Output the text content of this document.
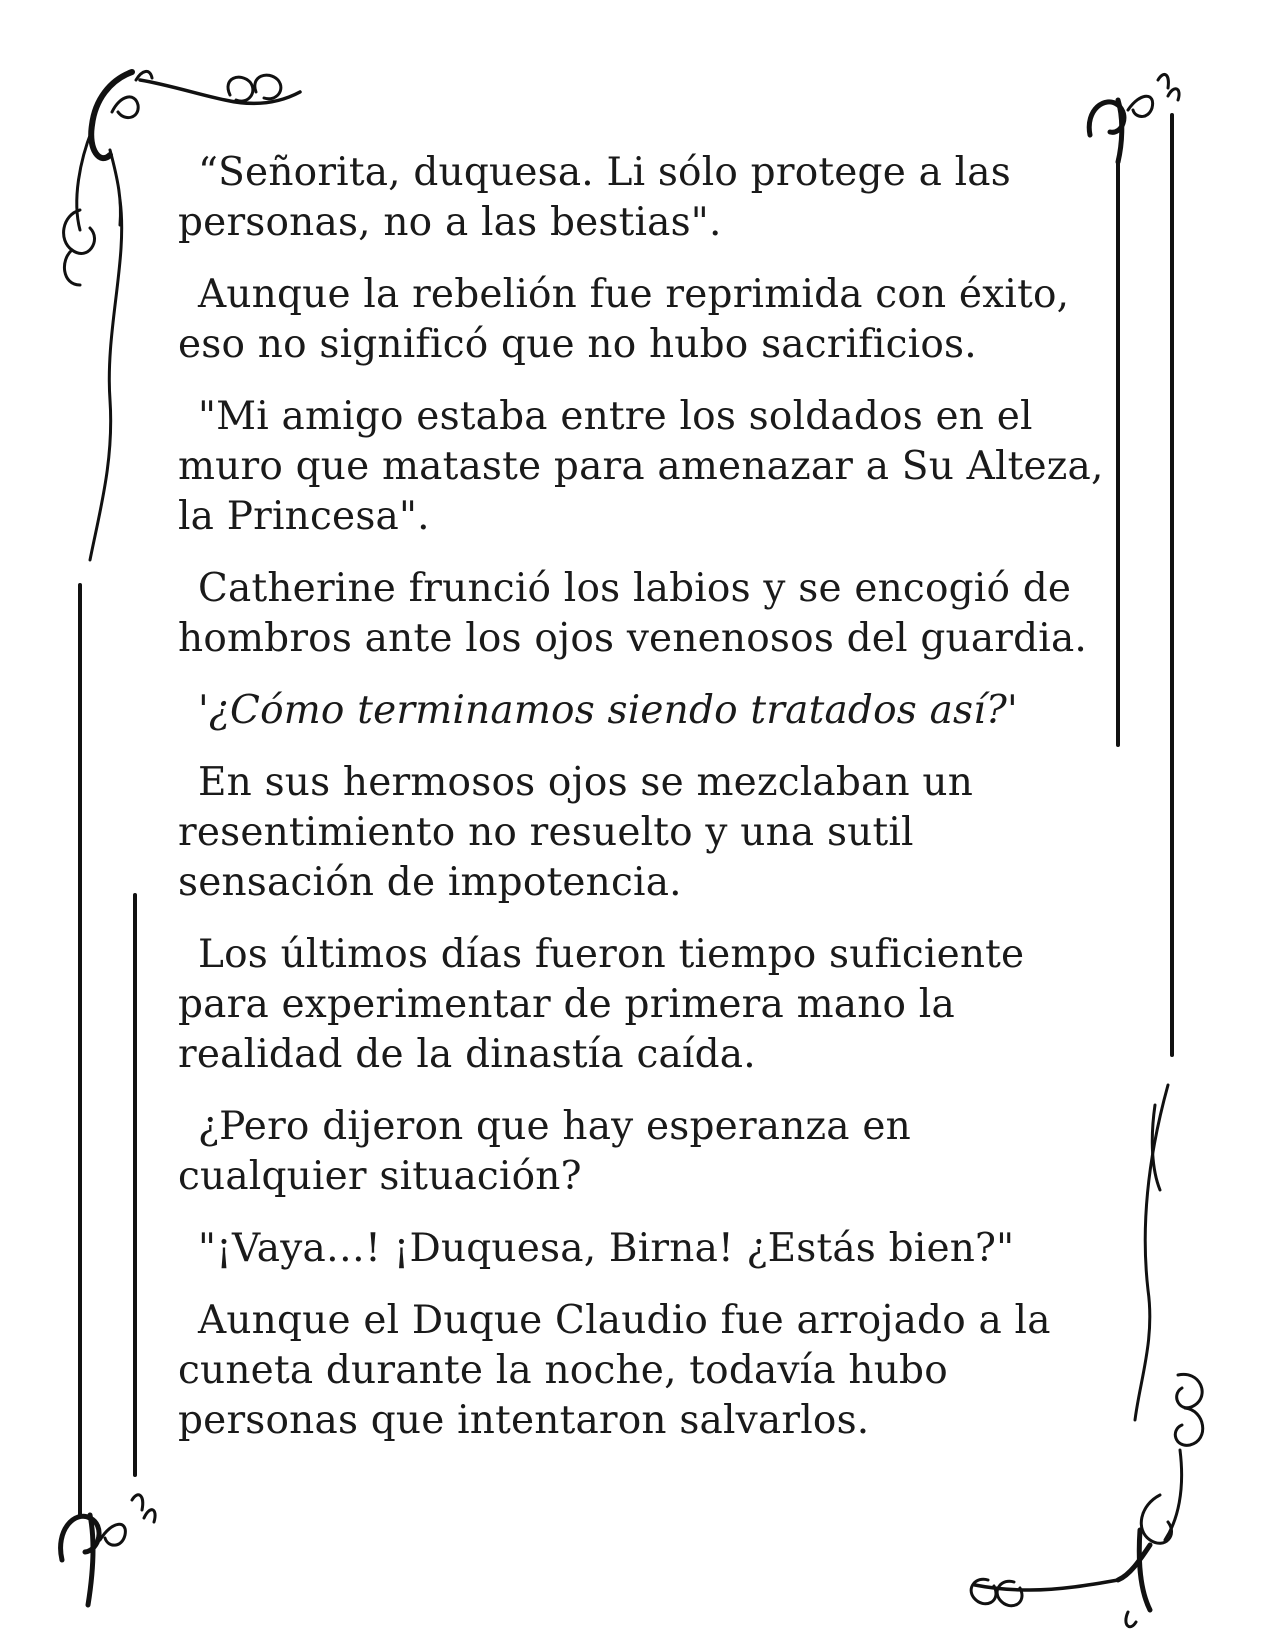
“Señorita, duquesa. Li sólo protege a las personas, no a las bestias".

Aunque la rebelión fue reprimida con éxito, eso no significó que no hubo sacrificios.

"Mi amigo estaba entre los soldados en el muro que mataste para amenazar a Su Alteza, la Princesa".

Catherine frunció los labios y se encogió de hombros ante los ojos venenosos del guardia.

'¿Cómo terminamos siendo tratados así?'

En sus hermosos ojos se mezclaban un resentimiento no resuelto y una sutil sensación de impotencia.

Los últimos días fueron tiempo suficiente para experimentar de primera mano la realidad de la dinastía caída.

¿Pero dijeron que hay esperanza en cualquier situación?

"¡Vaya…! ¡Duquesa, Birna! ¿Estás bien?"

Aunque el Duque Claudio fue arrojado a la cuneta durante la noche, todavía hubo personas que intentaron salvarlos.
